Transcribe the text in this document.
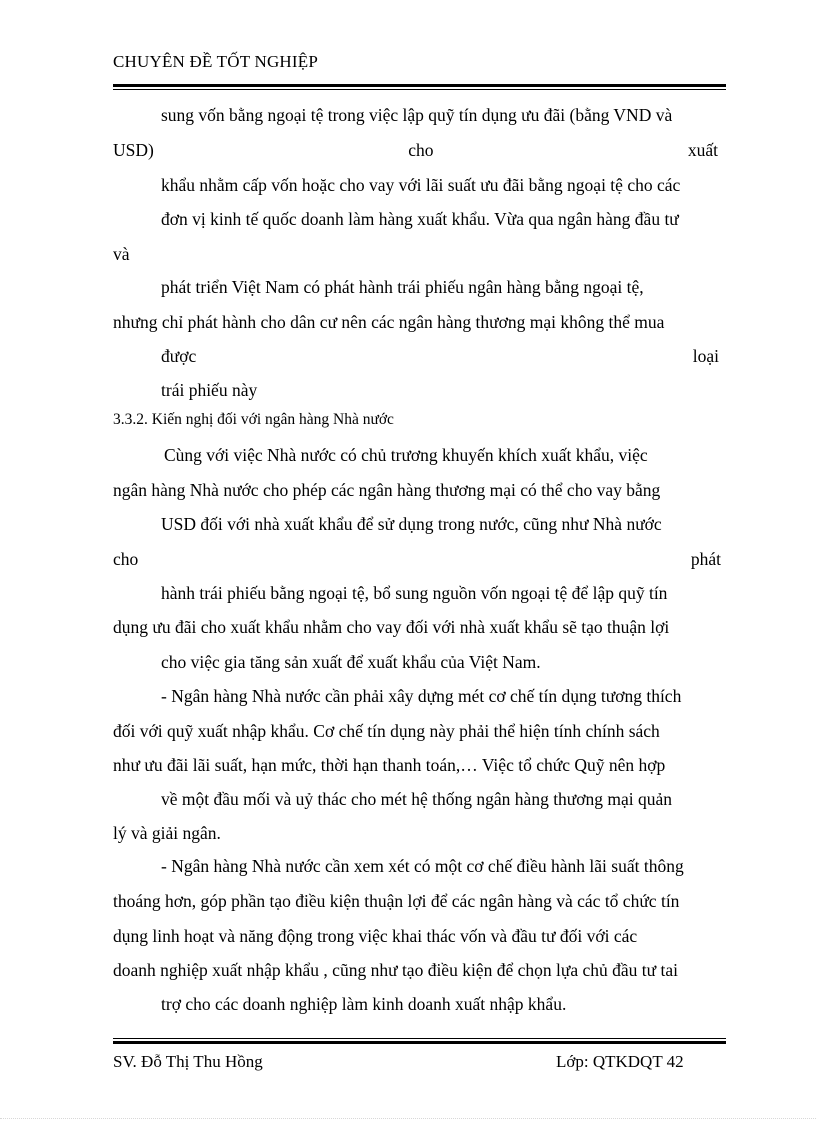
CHUYÊN ĐỀ TỐT NGHIỆP
sung vốn bằng ngoại tệ trong việc lập quỹ tín dụng ưu đãi (bằng VND và
USD)	cho	xuất
khẩu nhằm cấp vốn hoặc cho vay với lãi suất ưu đãi bằng ngoại tệ cho các
đơn vị kinh tế quốc doanh làm hàng xuất khẩu. Vừa qua ngân hàng đầu tư
và
phát triển Việt Nam có phát hành trái phiếu ngân hàng bằng ngoại tệ,
nhưng chỉ phát hành cho dân cư nên các ngân hàng thương mại không thể mua
được	loại
trái phiếu này
3.3.2. Kiến nghị đối với ngân hàng Nhà nước
Cùng với việc Nhà nước có chủ trương khuyến khích xuất khẩu, việc
ngân hàng Nhà nước cho phép các ngân hàng thương mại có thể cho vay bằng
USD đối với nhà xuất khẩu để sử dụng trong nước, cũng như Nhà nước
cho	phát
hành trái phiếu bằng ngoại tệ, bổ sung nguồn vốn ngoại tệ để lập quỹ tín
dụng ưu đãi cho xuất khẩu nhằm cho vay đối với nhà xuất khẩu sẽ tạo thuận lợi
cho việc gia tăng sản xuất để xuất khẩu của Việt Nam.
- Ngân hàng Nhà nước cần phải xây dựng mét cơ chế tín dụng tương thích
đối với quỹ xuất nhập khẩu. Cơ chế tín dụng này phải thể hiện tính chính sách
như ưu đãi lãi suất, hạn mức, thời hạn thanh toán,… Việc tổ chức Quỹ nên hợp
về một đầu mối và uỷ thác cho mét hệ thống ngân hàng thương mại quản
lý và giải ngân.
- Ngân hàng Nhà nước cần xem xét có một cơ chế điều hành lãi suất thông
thoáng hơn, góp phần tạo điều kiện thuận lợi để các ngân hàng và các tổ chức tín
dụng linh hoạt và năng động trong việc khai thác vốn và đầu tư đối với các
doanh nghiệp xuất nhập khẩu , cũng như tạo điều kiện để chọn lựa chủ đầu tư tai
trợ cho các doanh nghiệp làm kinh doanh xuất nhập khẩu.
SV. Đỗ Thị Thu Hồng	Lớp: QTKDQT 42
